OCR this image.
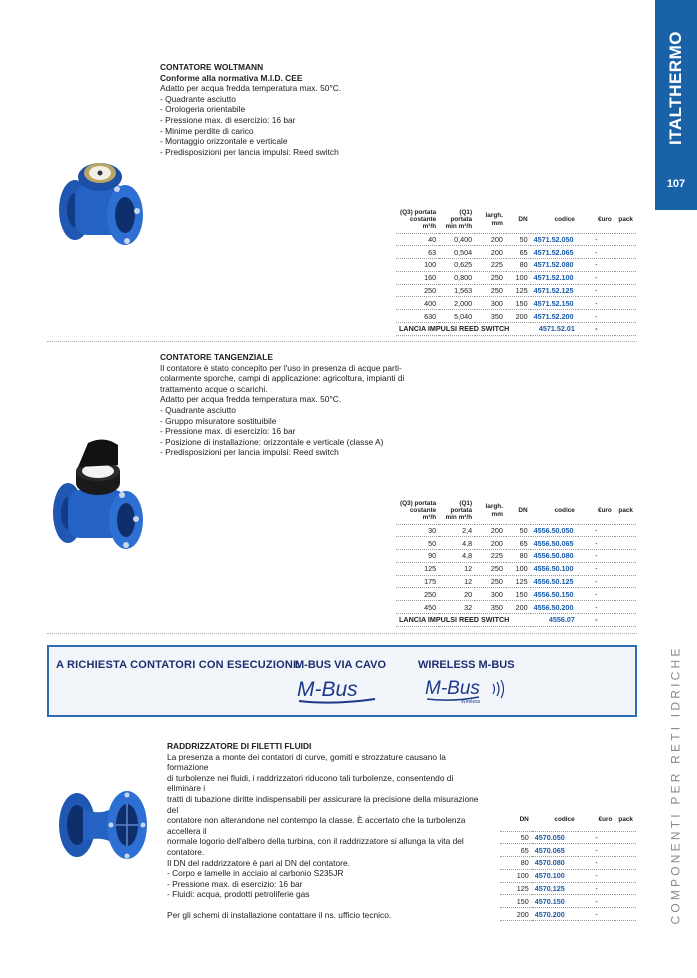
ITALTHERMO
107
COMPONENTI PER RETI IDRICHE
CONTATORE WOLTMANN
Conforme alla normativa M.I.D. CEE

Adatto per acqua fredda temperatura max. 50°C.

- Quadrante asciutto

- Orologeria orientabile

- Pressione max. di esercizio: 16 bar

- Minime perdite di carico

- Montaggio orizzontale e verticale

- Predisposizioni per lancia impulsi: Reed switch

(Q3) portata costante m³/h	(Q1) portata min m³/h	largh. mm	DN	codice	€uro	pack
40	0,400	200	50	4571.52.050	-	
63	0,504	200	65	4571.52.065	-	
100	0,625	225	80	4571.52.080	-	
160	0,800	250	100	4571.52.100	-	
250	1,563	250	125	4571.52.125	-	
400	2,000	300	150	4571.52.150	-	
630	5,040	350	200	4571.52.200	-	
LANCIA IMPULSI REED SWITCH				4571.52.01	-	
CONTATORE TANGENZIALE

Il contatore è stato concepito per l'uso in presenza di acque parti-

colarmente sporche, campi di applicazione: agricoltura, impianti di

trattamento acque o scarichi.

Adatto per acqua fredda temperatura max. 50°C.

- Quadrante asciutto

- Gruppo misuratore sostituibile

- Pressione max. di esercizio: 16 bar

- Posizione di installazione: orizzontale e verticale (classe A)

- Predisposizioni per lancia impulsi: Reed switch

(Q3) portata costante m³/h	(Q1) portata min m³/h	largh. mm	DN	codice	€uro	pack
30	2,4	200	50	4556.50.050	-	
50	4,8	200	65	4556.50.065	-	
90	4,8	225	80	4556.50.080	-	
125	12	250	100	4556.50.100	-	
175	12	250	125	4556.50.125	-	
250	20	300	150	4556.50.150	-	
450	32	350	200	4556.50.200	-	
LANCIA IMPULSI REED SWITCH				4556.07	-	
A RICHIESTA CONTATORI CON ESECUZIONI:
M-BUS VIA CAVO	WIRELESS M-BUS
M-Bus	M-Bus
Wireless
RADDRIZZATORE DI FILETTI FLUIDI

La presenza a monte dei contatori di curve, gomiti e strozzature causano la formazione

di turbolenze nei fluidi, i raddrizzatori riducono tali turbolenze, consentendo di eliminare i

tratti di tubazione diritte indispensabili per assicurare la precisione della misurazione del

contatore non alterandone nel contempo la classe. È accertato che la turbolenza accellera il

normale logorio dell'albero della turbina, con il raddrizzatore si allunga la vita del contatore.

Il DN del raddrizzatore è pari al DN del contatore.

- Corpo e lamelle in acciaio al carbonio S235JR

- Pressione max. di esercizio: 16 bar

- Fluidi: acqua, prodotti petroliferie gas

Per gli schemi di installazione contattare il ns. ufficio tecnico.

DN	codice	€uro	pack
50	4570.050	-	
65	4570.065	-	
80	4570.080	-	
100	4570.100	-	
125	4570.125	-	
150	4570.150	-	
200	4570.200	-	
